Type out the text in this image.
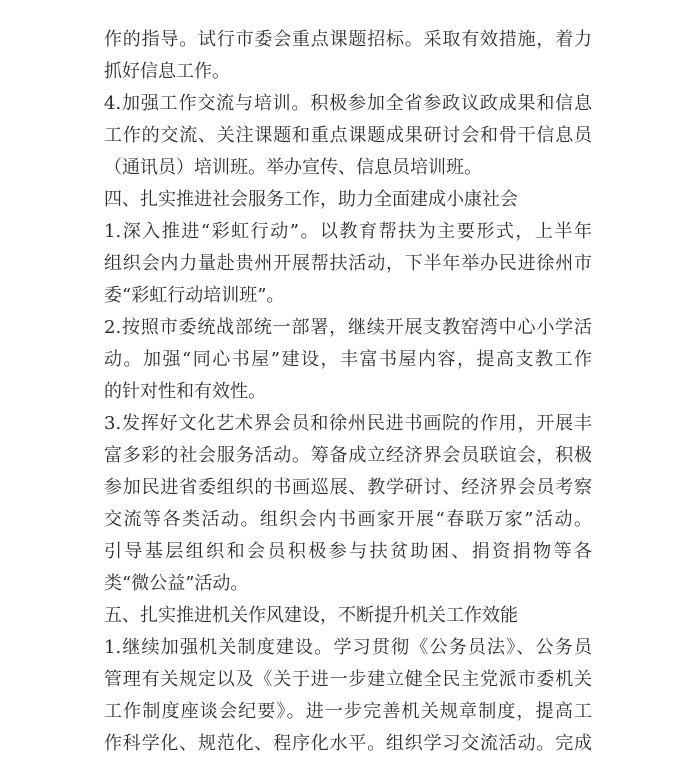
作的指导。试行市委会重点课题招标。采取有效措施，着力
抓好信息工作。
4.加强工作交流与培训。积极参加全省参政议政成果和信息
工作的交流、关注课题和重点课题成果研讨会和骨干信息员
（通讯员）培训班。举办宣传、信息员培训班。
四、扎实推进社会服务工作，助力全面建成小康社会
1.深入推进“彩虹行动”。以教育帮扶为主要形式，上半年
组织会内力量赴贵州开展帮扶活动，下半年举办民进徐州市
委“彩虹行动培训班”。
2.按照市委统战部统一部署，继续开展支教窑湾中心小学活
动。加强“同心书屋”建设，丰富书屋内容，提高支教工作
的针对性和有效性。
3.发挥好文化艺术界会员和徐州民进书画院的作用，开展丰
富多彩的社会服务活动。筹备成立经济界会员联谊会，积极
参加民进省委组织的书画巡展、教学研讨、经济界会员考察
交流等各类活动。组织会内书画家开展“春联万家”活动。
引导基层组织和会员积极参与扶贫助困、捐资捐物等各
类“微公益”活动。
五、扎实推进机关作风建设，不断提升机关工作效能
1.继续加强机关制度建设。学习贯彻《公务员法》、公务员
管理有关规定以及《关于进一步建立健全民主党派市委机关
工作制度座谈会纪要》。进一步完善机关规章制度，提高工
作科学化、规范化、程序化水平。组织学习交流活动。完成
